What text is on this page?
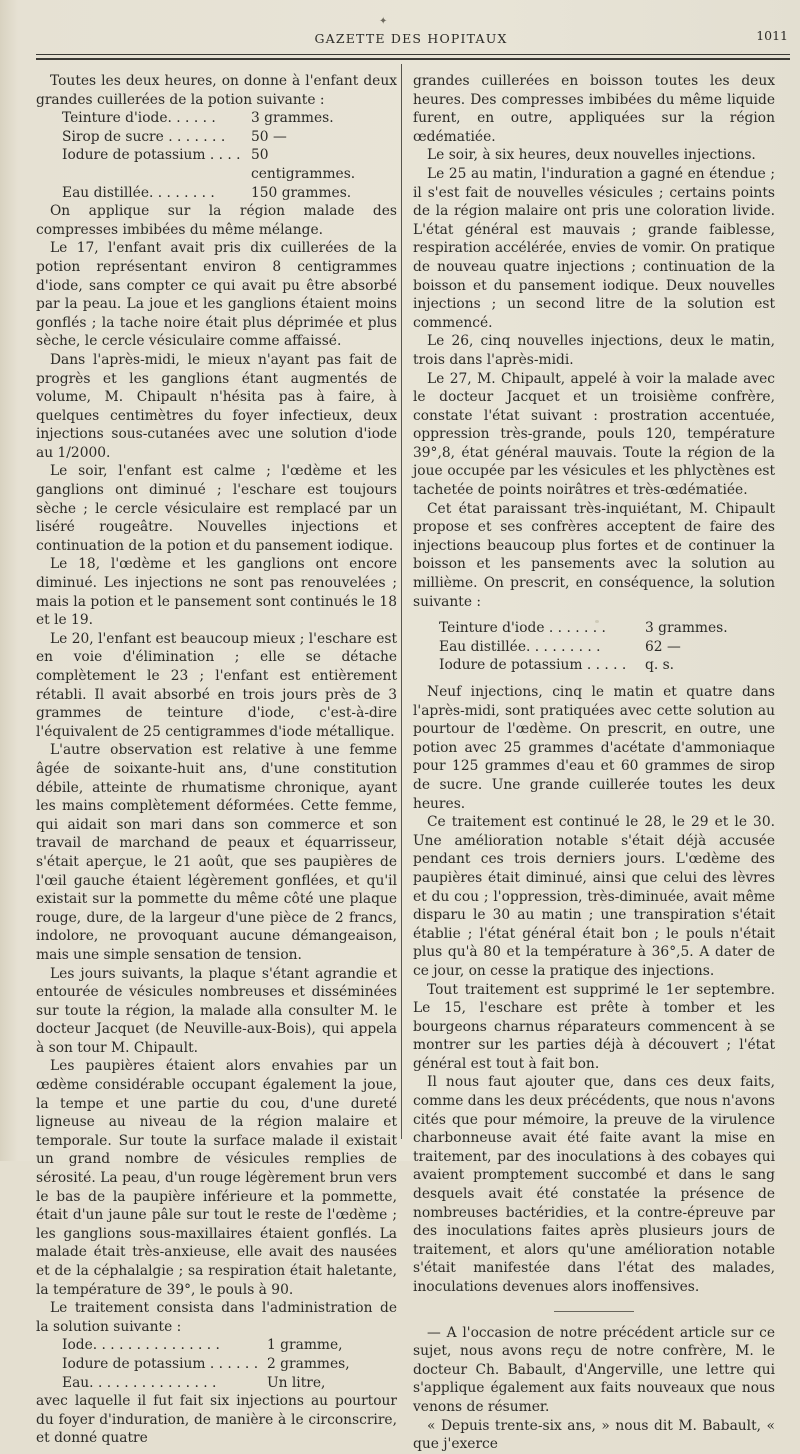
✦
GAZETTE DES HOPITAUX	1011

Toutes les deux heures, on donne à l'enfant deux grandes cuillerées de la potion suivante :

Teinture d'iode. . . . . .	3 grammes.
Sirop de sucre . . . . . . .	50 —
Iodure de potassium . . . . 50 centigrammes.
Eau distillée. . . . . . . .	150 grammes.

On applique sur la région malade des compresses imbibées du même mélange.

Le 17, l'enfant avait pris dix cuillerées de la potion représentant environ 8 centigrammes d'iode, sans compter ce qui avait pu être absorbé par la peau. La joue et les ganglions étaient moins gonflés ; la tache noire était plus déprimée et plus sèche, le cercle vésiculaire comme affaissé.

Dans l'après-midi, le mieux n'ayant pas fait de progrès et les ganglions étant augmentés de volume, M. Chipault n'hésita pas à faire, à quelques centimètres du foyer infectieux, deux injections sous-cutanées avec une solution d'iode au 1/2000.

Le soir, l'enfant est calme ; l'œdème et les ganglions ont diminué ; l'eschare est toujours sèche ; le cercle vésiculaire est remplacé par un liséré rougeâtre. Nouvelles injections et continuation de la potion et du pansement iodique.

Le 18, l'œdème et les ganglions ont encore diminué. Les injections ne sont pas renouvelées ; mais la potion et le pansement sont continués le 18 et le 19.

Le 20, l'enfant est beaucoup mieux ; l'eschare est en voie d'élimination ; elle se détache complètement le 23 ; l'enfant est entièrement rétabli. Il avait absorbé en trois jours près de 3 grammes de teinture d'iode, c'est-à-dire l'équivalent de 25 centigrammes d'iode métallique.

L'autre observation est relative à une femme âgée de soixante-huit ans, d'une constitution débile, atteinte de rhumatisme chronique, ayant les mains complètement déformées. Cette femme, qui aidait son mari dans son commerce et son travail de marchand de peaux et équarrisseur, s'était aperçue, le 21 août, que ses paupières de l'œil gauche étaient légèrement gonflées, et qu'il existait sur la pommette du même côté une plaque rouge, dure, de la largeur d'une pièce de 2 francs, indolore, ne provoquant aucune démangeaison, mais une simple sensation de tension.

Les jours suivants, la plaque s'étant agrandie et entourée de vésicules nombreuses et disséminées sur toute la région, la malade alla consulter M. le docteur Jacquet (de Neuville-aux-Bois), qui appela à son tour M. Chipault.

Les paupières étaient alors envahies par un œdème considérable occupant également la joue, la tempe et une partie du cou, d'une dureté ligneuse au niveau de la région malaire et temporale. Sur toute la surface malade il existait un grand nombre de vésicules remplies de sérosité. La peau, d'un rouge légèrement brun vers le bas de la paupière inférieure et la pommette, était d'un jaune pâle sur tout le reste de l'œdème ; les ganglions sous-maxillaires étaient gonflés. La malade était très-anxieuse, elle avait des nausées et de la céphalalgie ; sa respiration était haletante, la température de 39°, le pouls à 90.

Le traitement consista dans l'administration de la solution suivante :

Iode. . . . . . . . . . . . . . .	1 gramme,
Iodure de potassium . . . . . . 2 grammes,
Eau. . . . . . . . . . . . . . .	Un litre,

avec laquelle il fut fait six injections au pourtour du foyer d'induration, de manière à le circonscrire, et donné quatre

grandes cuillerées en boisson toutes les deux heures. Des compresses imbibées du même liquide furent, en outre, appliquées sur la région œdématiée.

Le soir, à six heures, deux nouvelles injections.

Le 25 au matin, l'induration a gagné en étendue ; il s'est fait de nouvelles vésicules ; certains points de la région malaire ont pris une coloration livide. L'état général est mauvais ; grande faiblesse, respiration accélérée, envies de vomir. On pratique de nouveau quatre injections ; continuation de la boisson et du pansement iodique. Deux nouvelles injections ; un second litre de la solution est commencé.

Le 26, cinq nouvelles injections, deux le matin, trois dans l'après-midi.

Le 27, M. Chipault, appelé à voir la malade avec le docteur Jacquet et un troisième confrère, constate l'état suivant : prostration accentuée, oppression très-grande, pouls 120, température 39°,8, état général mauvais. Toute la région de la joue occupée par les vésicules et les phlyctènes est tachetée de points noirâtres et très-œdématiée.

Cet état paraissant très-inquiétant, M. Chipault propose et ses confrères acceptent de faire des injections beaucoup plus fortes et de continuer la boisson et les pansements avec la solution au millième. On prescrit, en conséquence, la solution suivante :

Teinture d'iode . . . . . . .	3 grammes.
Eau distillée. . . . . . . . .	62 —
Iodure de potassium . . . . .	q. s.

Neuf injections, cinq le matin et quatre dans l'après-midi, sont pratiquées avec cette solution au pourtour de l'œdème. On prescrit, en outre, une potion avec 25 grammes d'acétate d'ammoniaque pour 125 grammes d'eau et 60 grammes de sirop de sucre. Une grande cuillerée toutes les deux heures.

Ce traitement est continué le 28, le 29 et le 30. Une amélioration notable s'était déjà accusée pendant ces trois derniers jours. L'œdème des paupières était diminué, ainsi que celui des lèvres et du cou ; l'oppression, très-diminuée, avait même disparu le 30 au matin ; une transpiration s'était établie ; l'état général était bon ; le pouls n'était plus qu'à 80 et la température à 36°,5. A dater de ce jour, on cesse la pratique des injections.

Tout traitement est supprimé le 1er septembre. Le 15, l'eschare est prête à tomber et les bourgeons charnus réparateurs commencent à se montrer sur les parties déjà à découvert ; l'état général est tout à fait bon.

Il nous faut ajouter que, dans ces deux faits, comme dans les deux précédents, que nous n'avons cités que pour mémoire, la preuve de la virulence charbonneuse avait été faite avant la mise en traitement, par des inoculations à des cobayes qui avaient promptement succombé et dans le sang desquels avait été constatée la présence de nombreuses bactéridies, et la contre-épreuve par des inoculations faites après plusieurs jours de traitement, et alors qu'une amélioration notable s'était manifestée dans l'état des malades, inoculations devenues alors inoffensives.

— A l'occasion de notre précédent article sur ce sujet, nous avons reçu de notre confrère, M. le docteur Ch. Babault, d'Angerville, une lettre qui s'applique également aux faits nouveaux que nous venons de résumer.

« Depuis trente-six ans, » nous dit M. Babault, « que j'exerce
